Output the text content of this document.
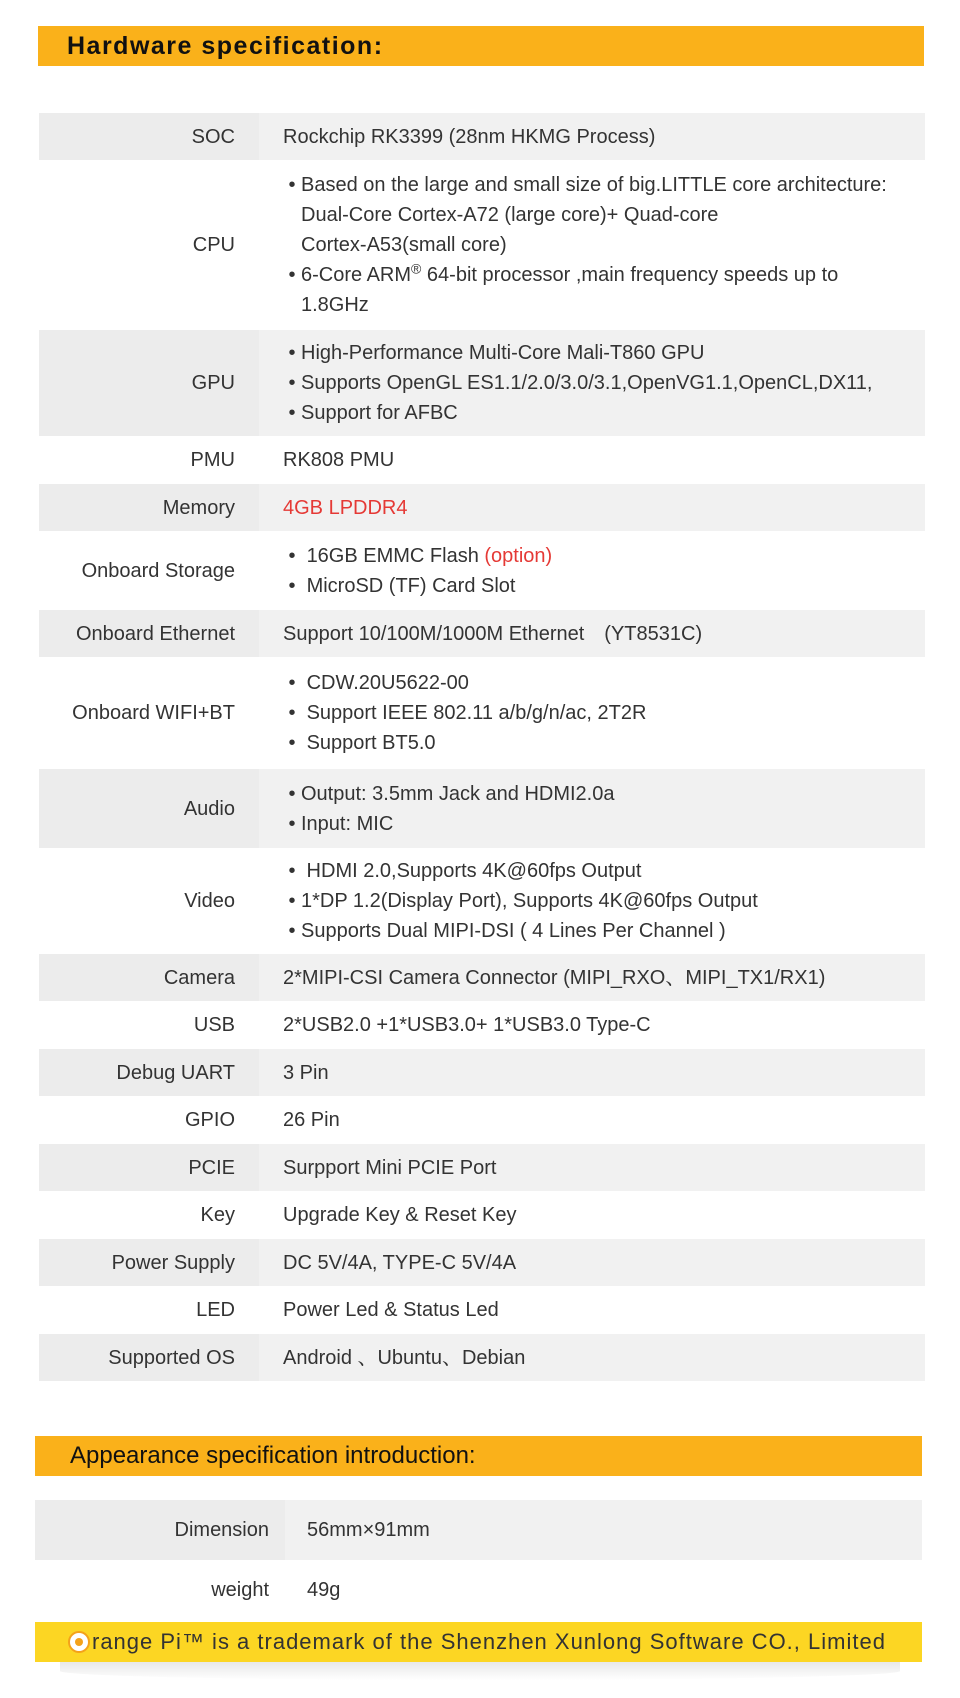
Hardware specification:
SOC	Rockchip RK3399 (28nm HKMG Process)
CPU	• Based on the large and small size of big.LITTLE core architecture:
Dual-Core Cortex-A72 (large core)+ Quad-core
Cortex-A53(small core)
• 6-Core ARM® 64-bit processor ,main frequency speeds up to
1.8GHz

GPU	• High-Performance Multi-Core Mali-T860 GPU
• Supports OpenGL ES1.1/2.0/3.0/3.1,OpenVG1.1,OpenCL,DX11,
• Support for AFBC

PMU	RK808 PMU
Memory	4GB LPDDR4
Onboard Storage	• 16GB EMMC Flash (option)
• MicroSD (TF) Card Slot

Onboard Ethernet	Support 10/100M/1000M Ethernet　(YT8531C)
Onboard WIFI+BT	• CDW.20U5622-00
• Support IEEE 802.11 a/b/g/n/ac, 2T2R
• Support BT5.0

Audio	• Output: 3.5mm Jack and HDMI2.0a
• Input: MIC

Video	• HDMI 2.0,Supports 4K@60fps Output
• 1*DP 1.2(Display Port), Supports 4K@60fps Output
• Supports Dual MIPI-DSI ( 4 Lines Per Channel )

Camera	2*MIPI-CSI Camera Connector (MIPI_RXO、MIPI_TX1/RX1)
USB	2*USB2.0 +1*USB3.0+ 1*USB3.0 Type-C
Debug UART	3 Pin
GPIO	26 Pin
PCIE	Surpport Mini PCIE Port
Key	Upgrade Key & Reset Key
Power Supply	DC 5V/4A, TYPE-C 5V/4A
LED	Power Led & Status Led
Supported OS	Android 、Ubuntu、Debian
Appearance specification introduction:
Dimension	56mm×91mm
weight	49g
range Pi™ is a trademark of the Shenzhen Xunlong Software CO., Limited
